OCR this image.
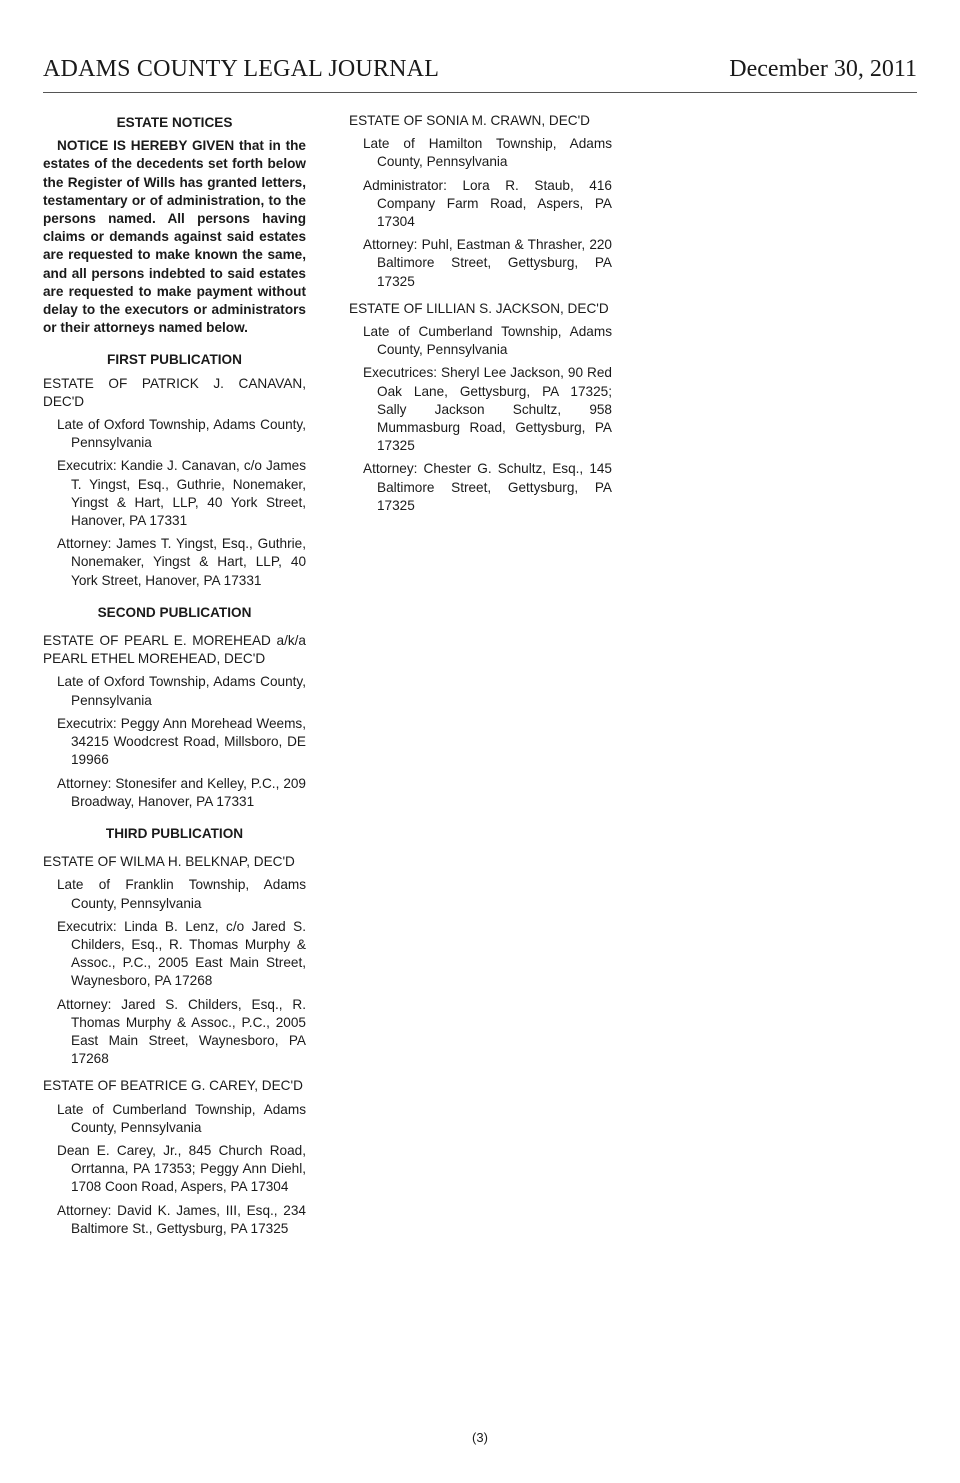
ADAMS COUNTY LEGAL JOURNAL	December 30, 2011
ESTATE NOTICES

NOTICE IS HEREBY GIVEN that in the estates of the decedents set forth below the Register of Wills has granted letters, testamentary or of administration, to the persons named. All persons having claims or demands against said estates are requested to make known the same, and all persons indebted to said estates are requested to make payment without delay to the executors or administrators or their attorneys named below.

FIRST PUBLICATION
ESTATE OF PATRICK J. CANAVAN, DEC'D
Late of Oxford Township, Adams County, Pennsylvania
Executrix: Kandie J. Canavan, c/o James T. Yingst, Esq., Guthrie, Nonemaker, Yingst & Hart, LLP, 40 York Street, Hanover, PA 17331
Attorney: James T. Yingst, Esq., Guthrie, Nonemaker, Yingst & Hart, LLP, 40 York Street, Hanover, PA 17331
SECOND PUBLICATION
ESTATE OF PEARL E. MOREHEAD a/k/a PEARL ETHEL MOREHEAD, DEC'D
Late of Oxford Township, Adams County, Pennsylvania
Executrix: Peggy Ann Morehead Weems, 34215 Woodcrest Road, Millsboro, DE 19966
Attorney: Stonesifer and Kelley, P.C., 209 Broadway, Hanover, PA 17331
THIRD PUBLICATION
ESTATE OF WILMA H. BELKNAP, DEC'D
Late of Franklin Township, Adams County, Pennsylvania
Executrix: Linda B. Lenz, c/o Jared S. Childers, Esq., R. Thomas Murphy & Assoc., P.C., 2005 East Main Street, Waynesboro, PA 17268
Attorney: Jared S. Childers, Esq., R. Thomas Murphy & Assoc., P.C., 2005 East Main Street, Waynesboro, PA 17268
ESTATE OF BEATRICE G. CAREY, DEC'D
Late of Cumberland Township, Adams County, Pennsylvania
Dean E. Carey, Jr., 845 Church Road, Orrtanna, PA 17353; Peggy Ann Diehl, 1708 Coon Road, Aspers, PA 17304
Attorney: David K. James, III, Esq., 234 Baltimore St., Gettysburg, PA 17325
ESTATE OF SONIA M. CRAWN, DEC'D
Late of Hamilton Township, Adams County, Pennsylvania
Administrator: Lora R. Staub, 416 Company Farm Road, Aspers, PA 17304
Attorney: Puhl, Eastman & Thrasher, 220 Baltimore Street, Gettysburg, PA 17325
ESTATE OF LILLIAN S. JACKSON, DEC'D
Late of Cumberland Township, Adams County, Pennsylvania
Executrices: Sheryl Lee Jackson, 90 Red Oak Lane, Gettysburg, PA 17325; Sally Jackson Schultz, 958 Mummasburg Road, Gettysburg, PA 17325
Attorney: Chester G. Schultz, Esq., 145 Baltimore Street, Gettysburg, PA 17325
(3)
